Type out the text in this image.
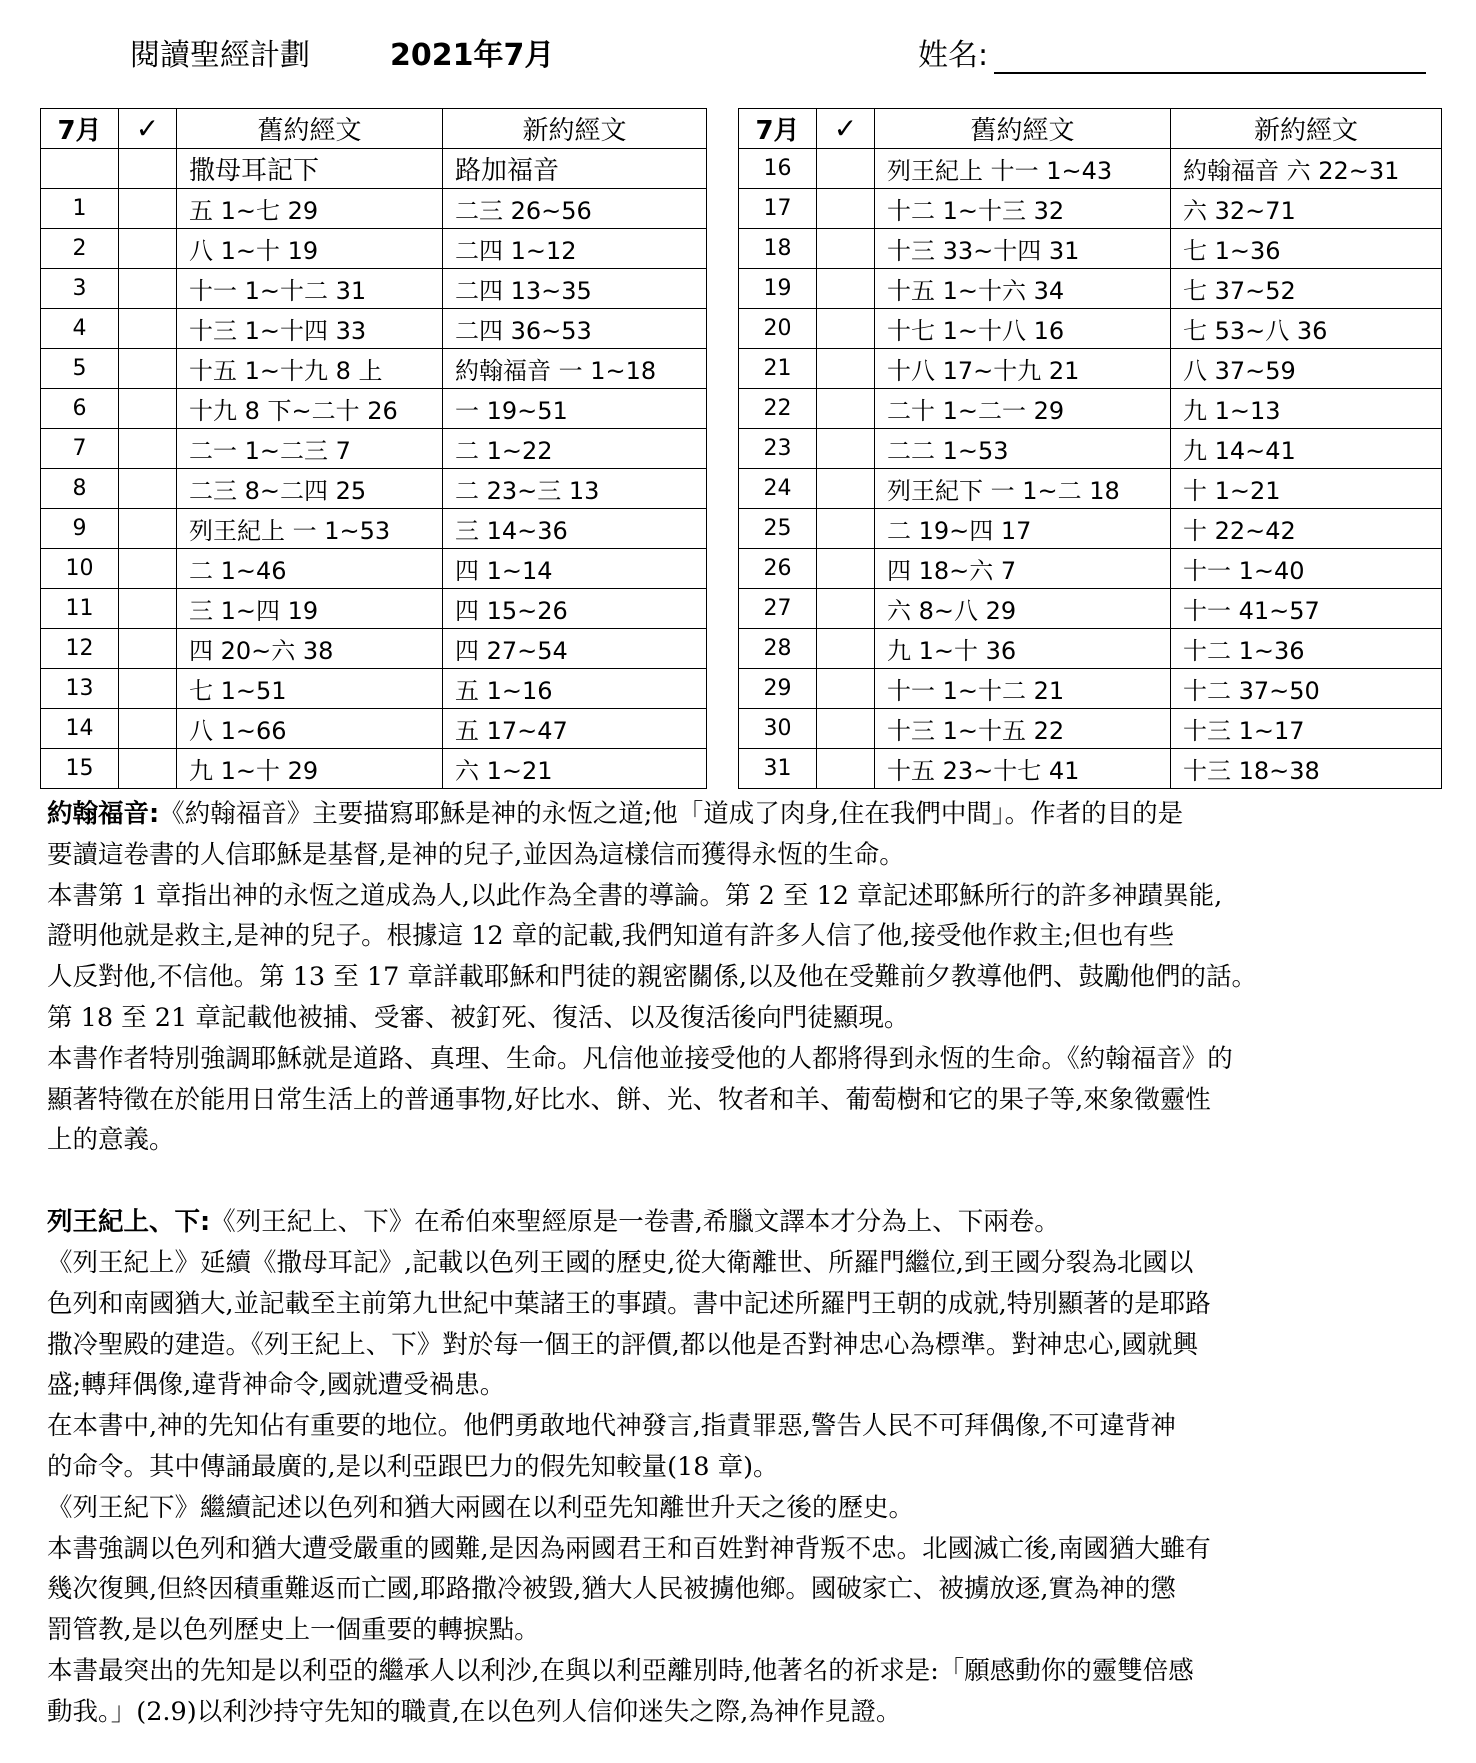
閱讀聖經計劃	2021年7月	姓名:
7月	✓	舊約經文	新約經文
		撒母耳記下	路加福音
1		五 1~七 29	二三 26~56
2		八 1~十 19	二四 1~12
3		十一 1~十二 31	二四 13~35
4		十三 1~十四 33	二四 36~53
5		十五 1~十九 8 上	約翰福音 一 1~18
6		十九 8 下~二十 26	一 19~51
7		二一 1~二三 7	二 1~22
8		二三 8~二四 25	二 23~三 13
9		列王紀上 一 1~53	三 14~36
10		二 1~46	四 1~14
11		三 1~四 19	四 15~26
12		四 20~六 38	四 27~54
13		七 1~51	五 1~16
14		八 1~66	五 17~47
15		九 1~十 29	六 1~21
7月	✓	舊約經文	新約經文
16		列王紀上 十一 1~43	約翰福音 六 22~31
17		十二 1~十三 32	六 32~71
18		十三 33~十四 31	七 1~36
19		十五 1~十六 34	七 37~52
20		十七 1~十八 16	七 53~八 36
21		十八 17~十九 21	八 37~59
22		二十 1~二一 29	九 1~13
23		二二 1~53	九 14~41
24		列王紀下 一 1~二 18	十 1~21
25		二 19~四 17	十 22~42
26		四 18~六 7	十一 1~40
27		六 8~八 29	十一 41~57
28		九 1~十 36	十二 1~36
29		十一 1~十二 21	十二 37~50
30		十三 1~十五 22	十三 1~17
31		十五 23~十七 41	十三 18~38

約翰福音:《約翰福音》主要描寫耶穌是神的永恆之道;他「道成了肉身,住在我們中間」。作者的目的是

要讀這卷書的人信耶穌是基督,是神的兒子,並因為這樣信而獲得永恆的生命。

本書第 1 章指出神的永恆之道成為人,以此作為全書的導論。第 2 至 12 章記述耶穌所行的許多神蹟異能,

證明他就是救主,是神的兒子。根據這 12 章的記載,我們知道有許多人信了他,接受他作救主;但也有些

人反對他,不信他。第 13 至 17 章詳載耶穌和門徒的親密關係,以及他在受難前夕教導他們、鼓勵他們的話。

第 18 至 21 章記載他被捕、受審、被釘死、復活、以及復活後向門徒顯現。

本書作者特別強調耶穌就是道路、真理、生命。凡信他並接受他的人都將得到永恆的生命。《約翰福音》的

顯著特徵在於能用日常生活上的普通事物,好比水、餅、光、牧者和羊、葡萄樹和它的果子等,來象徵靈性

上的意義。

列王紀上、下:《列王紀上、下》在希伯來聖經原是一卷書,希臘文譯本才分為上、下兩卷。

《列王紀上》延續《撒母耳記》,記載以色列王國的歷史,從大衛離世、所羅門繼位,到王國分裂為北國以

色列和南國猶大,並記載至主前第九世紀中葉諸王的事蹟。書中記述所羅門王朝的成就,特別顯著的是耶路

撒冷聖殿的建造。《列王紀上、下》對於每一個王的評價,都以他是否對神忠心為標準。對神忠心,國就興

盛;轉拜偶像,違背神命令,國就遭受禍患。

在本書中,神的先知佔有重要的地位。他們勇敢地代神發言,指責罪惡,警告人民不可拜偶像,不可違背神

的命令。其中傳誦最廣的,是以利亞跟巴力的假先知較量(18 章)。

《列王紀下》繼續記述以色列和猶大兩國在以利亞先知離世升天之後的歷史。

本書強調以色列和猶大遭受嚴重的國難,是因為兩國君王和百姓對神背叛不忠。北國滅亡後,南國猶大雖有

幾次復興,但終因積重難返而亡國,耶路撒冷被毀,猶大人民被擄他鄉。國破家亡、被擄放逐,實為神的懲

罰管教,是以色列歷史上一個重要的轉捩點。

本書最突出的先知是以利亞的繼承人以利沙,在與以利亞離別時,他著名的祈求是:「願感動你的靈雙倍感

動我。」(2.9)以利沙持守先知的職責,在以色列人信仰迷失之際,為神作見證。
